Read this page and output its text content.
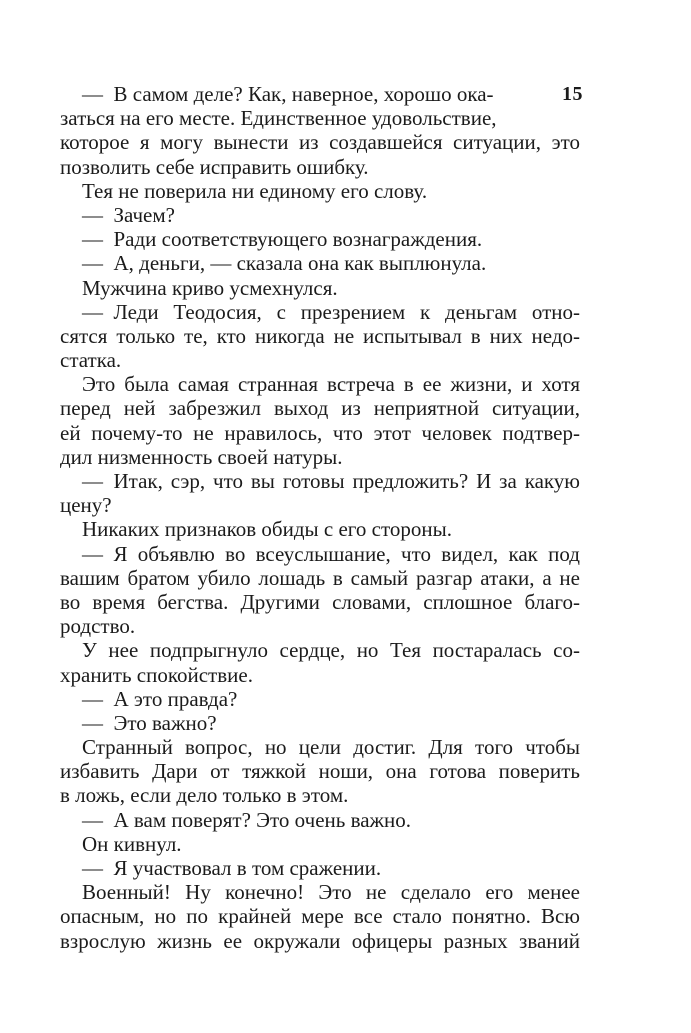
15
— В самом деле? Как, наверное, хорошо ока-
заться на его месте. Единственное удовольствие,
которое я могу вынести из создавшейся ситуации, это
позволить себе исправить ошибку.
Тея не поверила ни единому его слову.
— Зачем?
— Ради соответствующего вознаграждения.
— А, деньги, — сказала она как выплюнула.
Мужчина криво усмехнулся.
— Леди Теодосия, с презрением к деньгам отно-
сятся только те, кто никогда не испытывал в них недо-
статка.
Это была самая странная встреча в ее жизни, и хотя
перед ней забрезжил выход из неприятной ситуации,
ей почему-то не нравилось, что этот человек подтвер-
дил низменность своей натуры.
— Итак, сэр, что вы готовы предложить? И за какую
цену?
Никаких признаков обиды с его стороны.
— Я объявлю во всеуслышание, что видел, как под
вашим братом убило лошадь в самый разгар атаки, а не
во время бегства. Другими словами, сплошное благо-
родство.
У нее подпрыгнуло сердце, но Тея постаралась со-
хранить спокойствие.
— А это правда?
— Это важно?
Странный вопрос, но цели достиг. Для того чтобы
избавить Дари от тяжкой ноши, она готова поверить
в ложь, если дело только в этом.
— А вам поверят? Это очень важно.
Он кивнул.
— Я участвовал в том сражении.
Военный! Ну конечно! Это не сделало его менее
опасным, но по крайней мере все стало понятно. Всю
взрослую жизнь ее окружали офицеры разных званий
